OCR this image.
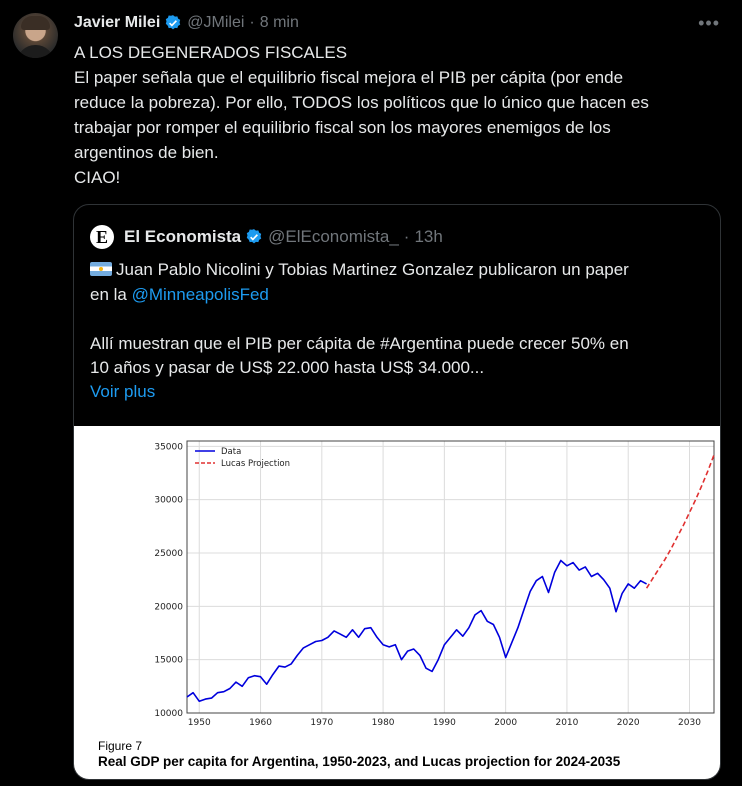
Javier Milei @JMilei · 8 min	•••
A LOS DEGENERADOS FISCALES
El paper señala que el equilibrio fiscal mejora el PIB per cápita (por ende
reduce la pobreza). Por ello, TODOS los políticos que lo único que hacen es
trabajar por romper el equilibrio fiscal son los mayores enemigos de los
argentinos de bien.
CIAO!
E El Economista @ElEconomista_ · 13h
Juan Pablo Nicolini y Tobias Martinez Gonzalez publicaron un paper
en la @MinneapolisFed
Allí muestran que el PIB per cápita de #Argentina puede crecer 50% en
10 años y pasar de US$ 22.000 hasta US$ 34.000...
Voir plus
1950	1960	1970	1980	1990	2000	2010	2020	2030
10000
15000
20000
25000
30000
35000	Data
Lucas Projection
Figure 7
Real GDP per capita for Argentina, 1950-2023, and Lucas projection for 2024-2035
